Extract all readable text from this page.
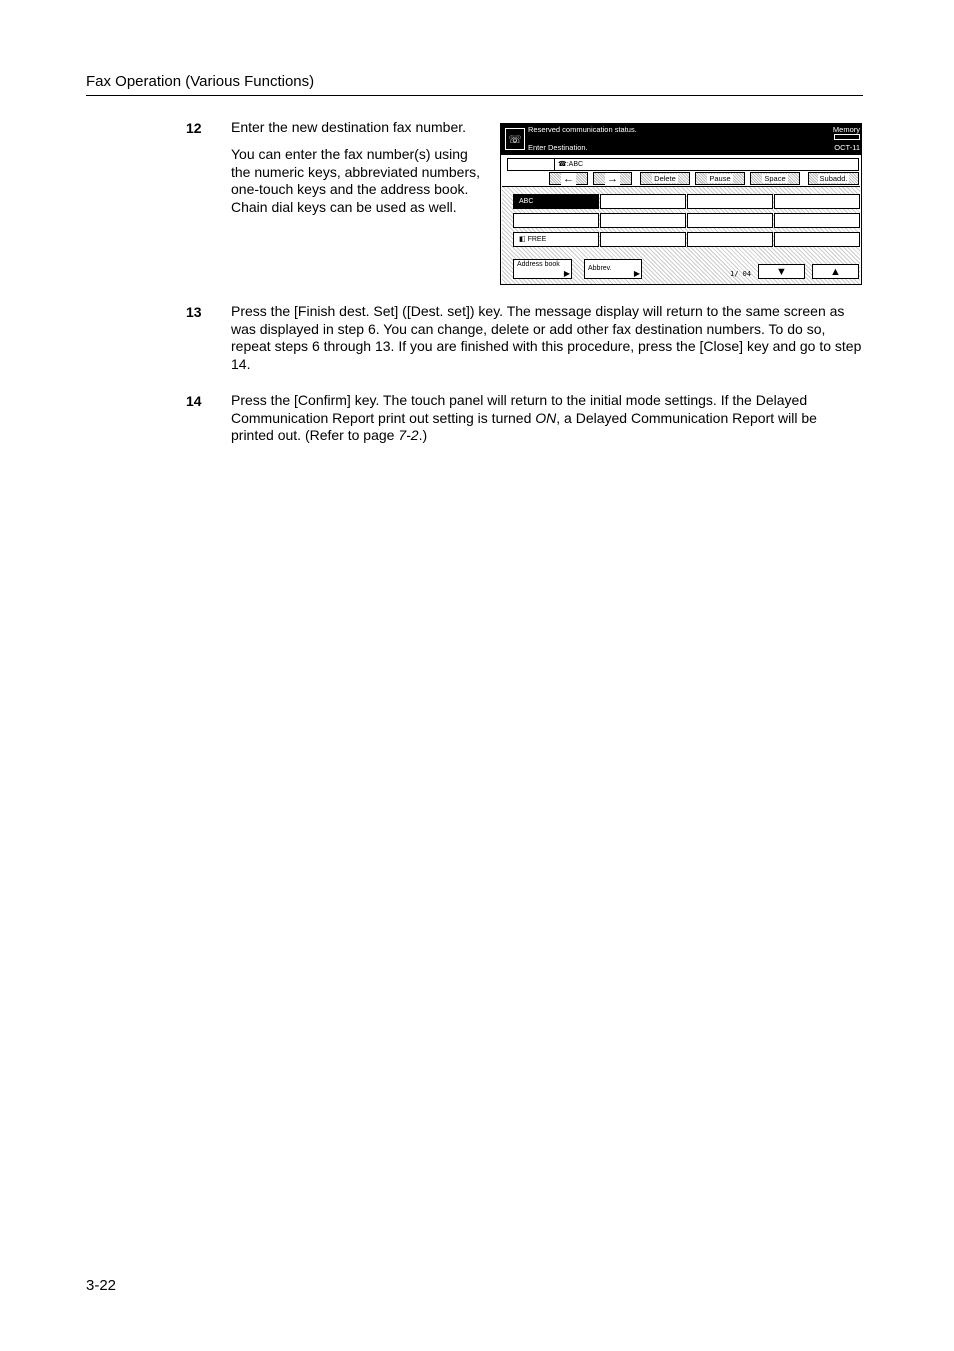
Fax Operation (Various Functions)
12 Enter the new destination fax number.
You can enter the fax number(s) using the numeric keys, abbreviated numbers, one-touch keys and the address book. Chain dial keys can be used as well.
☏
Reserved communication status.
Enter Destination.
Memory
OCT-11
☎:ABC
←	→	Delete	Pause	Space	Subadd.
ABC
◧ FREE
Address book
▶
Abbrev.
▶	1/ 04 ▼	▲
13 Press the [Finish dest. Set] ([Dest. set]) key. The message display will return to the same screen as was displayed in step 6. You can change, delete or add other fax destination numbers. To do so, repeat steps 6 through 13. If you are finished with this procedure, press the [Close] key and go to step 14.
14 Press the [Confirm] key. The touch panel will return to the initial mode settings. If the Delayed Communication Report print out setting is turned ON, a Delayed Communication Report will be printed out. (Refer to page 7-2.)
3-22
